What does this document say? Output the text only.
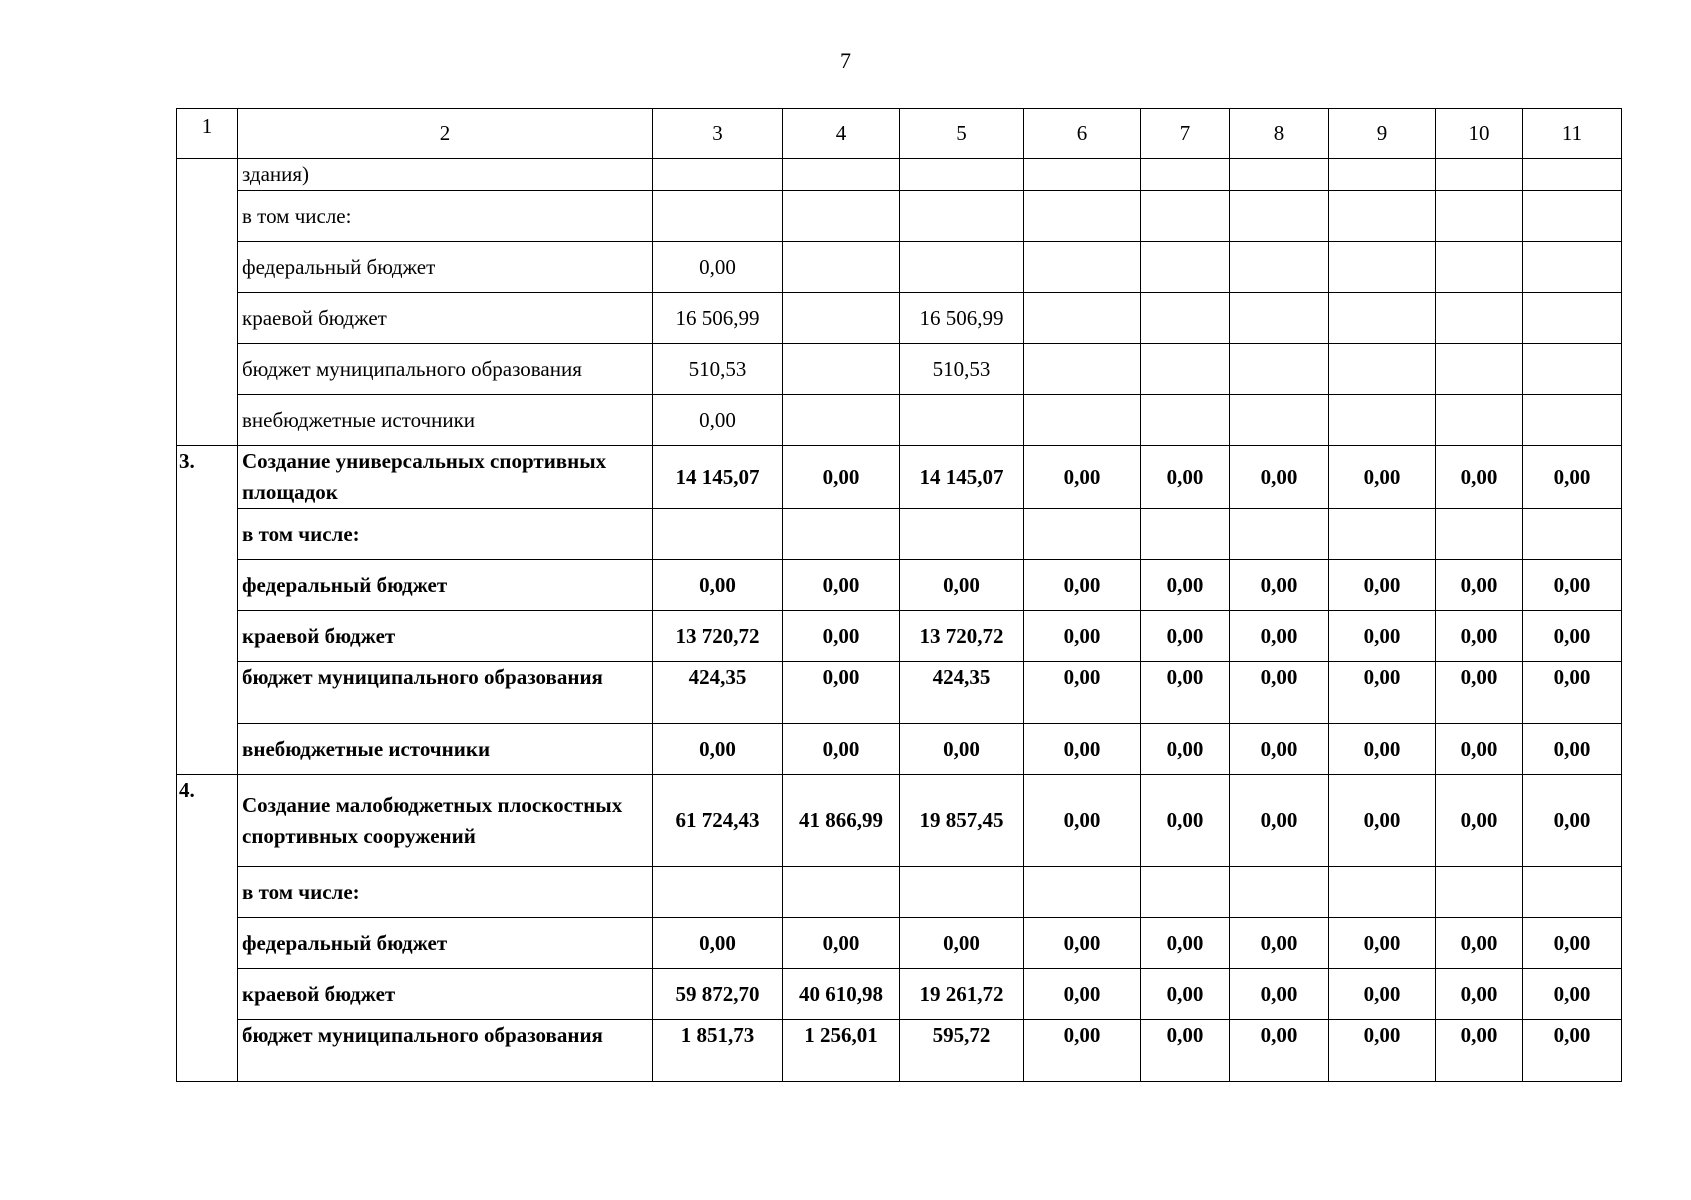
7
1	2	3	4	5	6	7	8	9	10	11
	здания)									
	в том числе:									
	федеральный бюджет	0,00								
	краевой бюджет	16 506,99		16 506,99						
	бюджет муниципального образования	510,53		510,53						
	внебюджетные источники	0,00								
3.	Создание универсальных спортивных площадок	14 145,07	0,00	14 145,07	0,00	0,00	0,00	0,00	0,00	0,00
	в том числе:									
	федеральный бюджет	0,00	0,00	0,00	0,00	0,00	0,00	0,00	0,00	0,00
	краевой бюджет	13 720,72	0,00	13 720,72	0,00	0,00	0,00	0,00	0,00	0,00
	бюджет муниципального образования	424,35	0,00	424,35	0,00	0,00	0,00	0,00	0,00	0,00
	внебюджетные источники	0,00	0,00	0,00	0,00	0,00	0,00	0,00	0,00	0,00
4.	Создание малобюджетных плоскостных спортивных сооружений	61 724,43	41 866,99	19 857,45	0,00	0,00	0,00	0,00	0,00	0,00
	в том числе:									
	федеральный бюджет	0,00	0,00	0,00	0,00	0,00	0,00	0,00	0,00	0,00
	краевой бюджет	59 872,70	40 610,98	19 261,72	0,00	0,00	0,00	0,00	0,00	0,00
	бюджет муниципального образования	1 851,73	1 256,01	595,72	0,00	0,00	0,00	0,00	0,00	0,00
